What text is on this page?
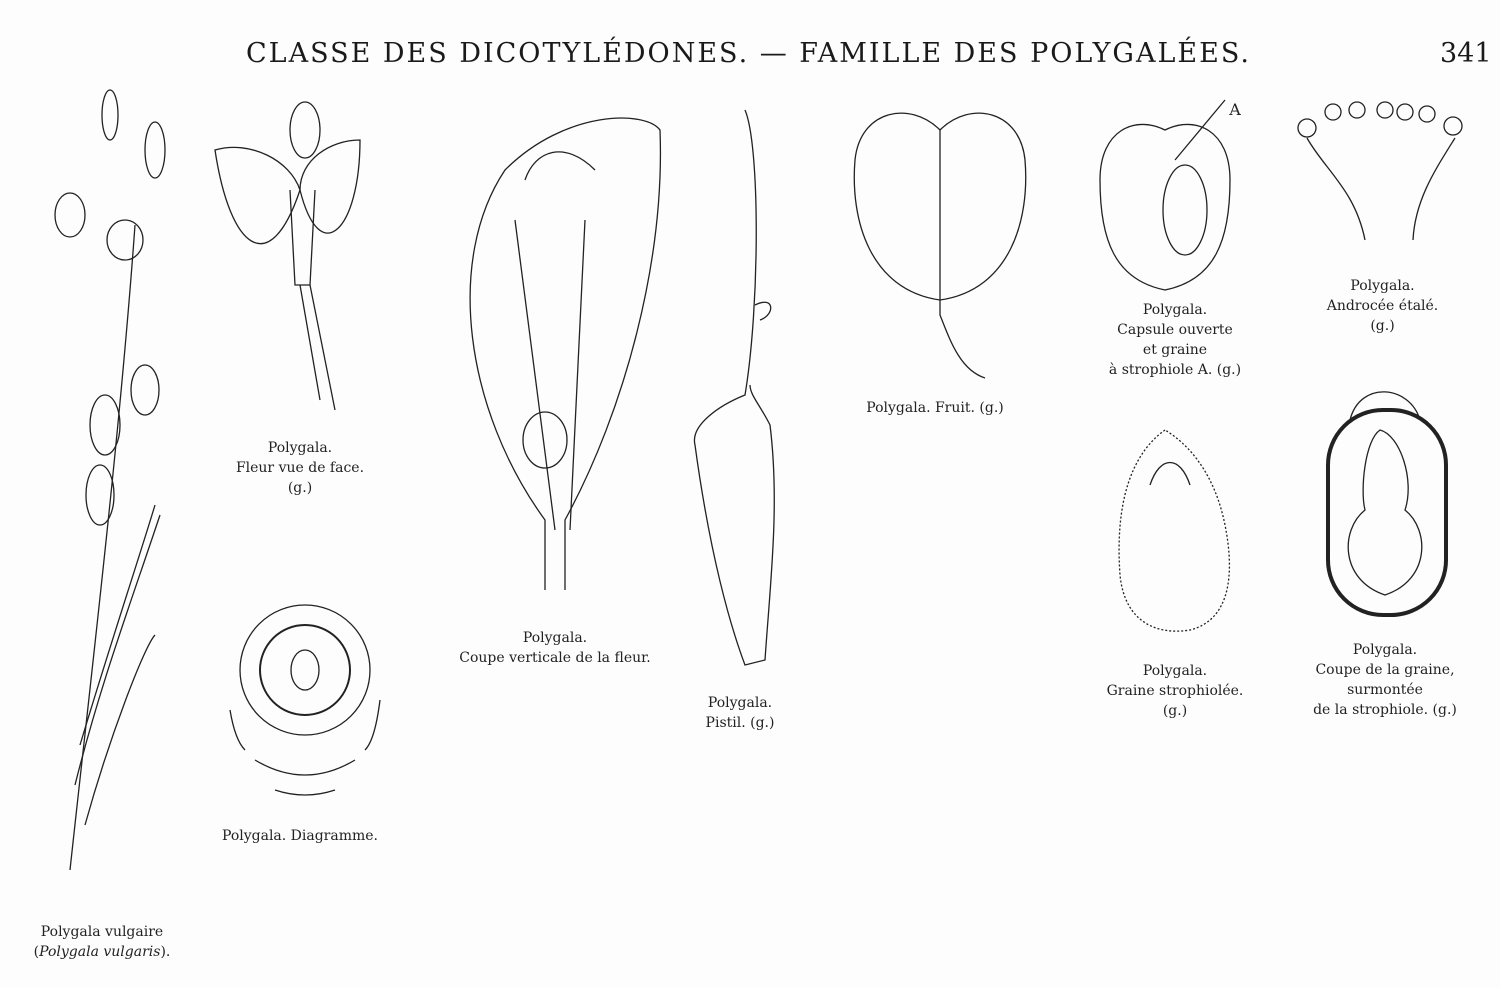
CLASSE DES DICOTYLÉDONES. — FAMILLE DES POLYGALÉES.	341
Polygala vulgaire
(Polygala vulgaris).
Polygala.
Fleur vue de face.
(g.)
Polygala. Diagramme.
Polygala.
Coupe verticale de la fleur.
Polygala.
Pistil. (g.)
Polygala. Fruit. (g.)
A
Polygala.
Capsule ouverte
et graine
à strophiole A. (g.)
Polygala.
Androcée étalé.
(g.)
Polygala.
Graine strophiolée.
(g.)
Polygala.
Coupe de la graine,
surmontée
de la strophiole. (g.)
